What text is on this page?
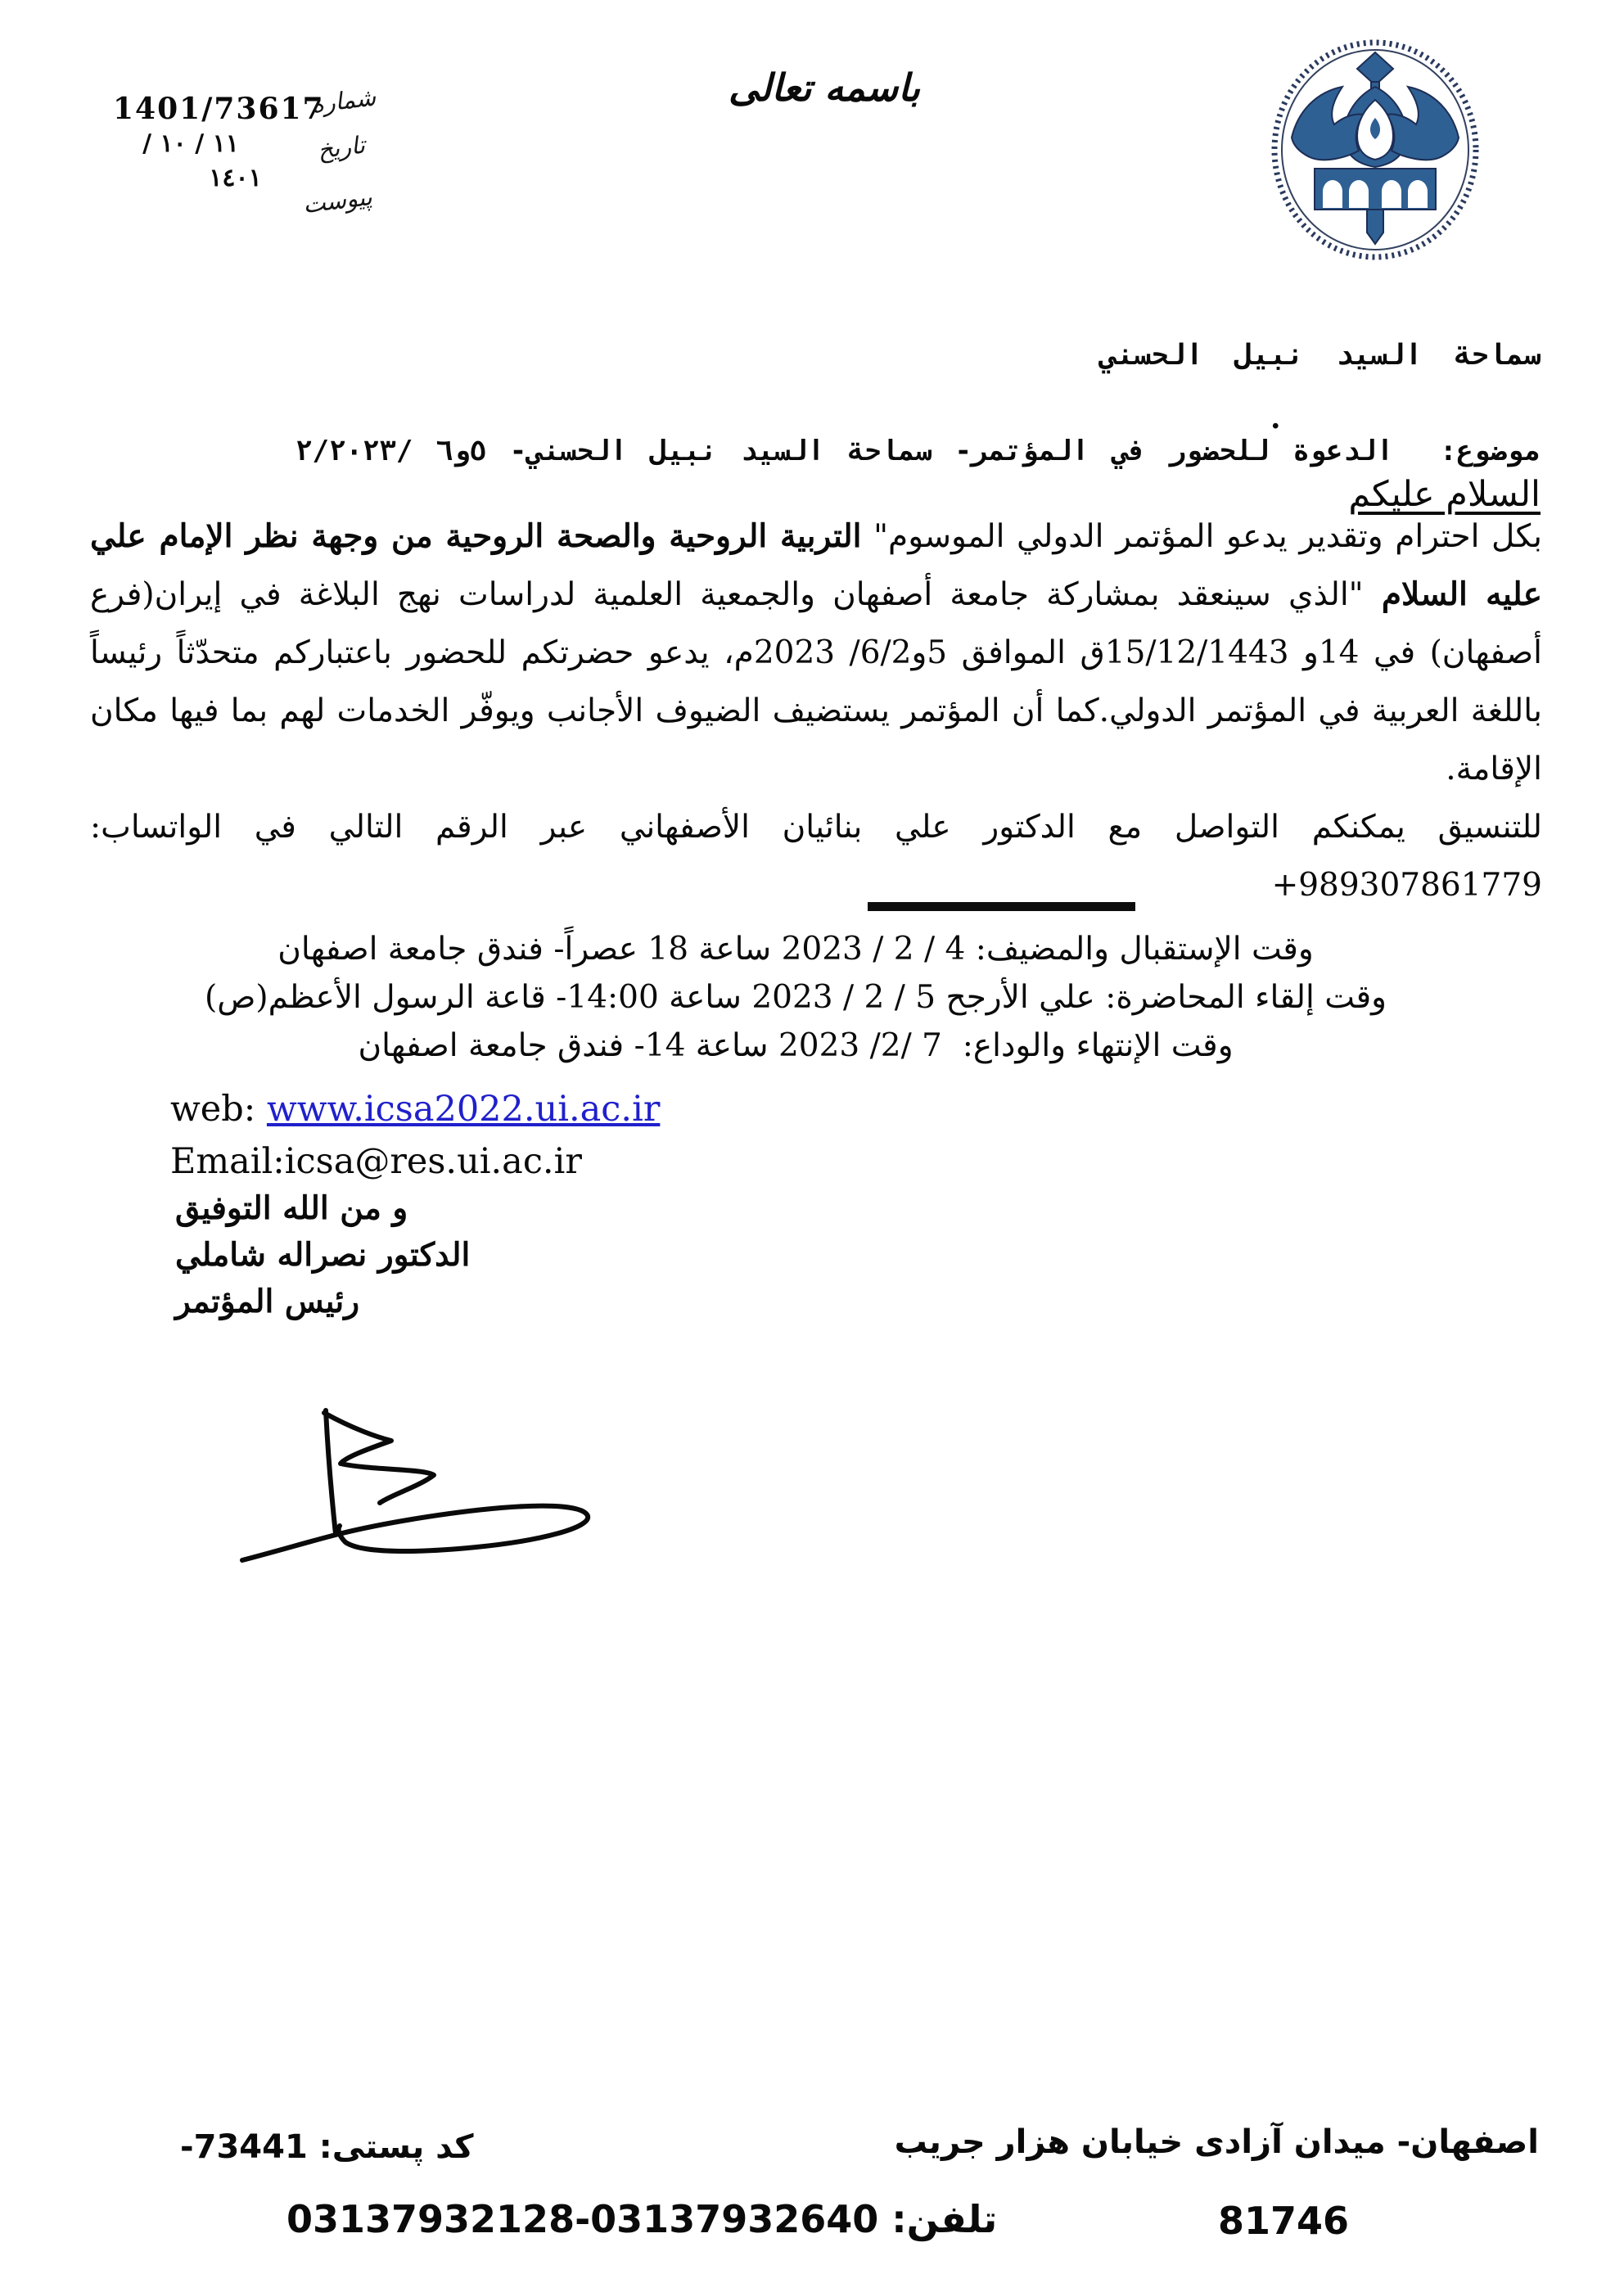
1401/73617
١١ / ١٠ /
١٤٠١
شماره
تاریخ
پیوست
باسمه تعالی
سماحة السيد نبيل الحسني
.
موضوع:  الدعوة للحضور في المؤتمر- سماحة السيد نبيل الحسني- ٥و٦ /٢/٢٠٢٣
السلام عليكم

بكل احترام وتقدير يدعو المؤتمر الدولي الموسوم" التربية الروحية والصحة الروحية من وجهة نظر الإمام علي عليه السلام "الذي سينعقد بمشاركة جامعة أصفهان والجمعية العلمية لدراسات نهج البلاغة في إيران(فرع أصفهان) في 14و 15/12/1443ق الموافق 5و6/2/ 2023م، يدعو حضرتكم للحضور باعتباركم متحدّثاً رئيساً باللغة العربية في المؤتمر الدولي.كما أن المؤتمر يستضيف الضيوف الأجانب ويوفّر الخدمات لهم بما فيها مكان الإقامة.

للتنسيق يمكنكم التواصل مع الدكتور علي بنائيان الأصفهاني عبر الرقم التالي في الواتساب: +989307861779

وقت الإستقبال والمضيف: 4 / 2 / 2023 ساعة 18 عصراً- فندق جامعة اصفهان
وقت إلقاء المحاضرة: علي الأرجح 5 / 2 / 2023 ساعة 14:00- قاعة الرسول الأعظم(ص)
وقت الإنتهاء والوداع:  7 /2/ 2023 ساعة 14- فندق جامعة اصفهان
web: www.icsa2022.ui.ac.ir
Email:icsa@res.ui.ac.ir
و من الله التوفيق
الدكتور نصراله شاملي
رئيس المؤتمر
اصفهان- ميدان آزادى خيابان هزار جريب
كد پستى: 73441-
تلفن: 03137932640-03137932128	81746
